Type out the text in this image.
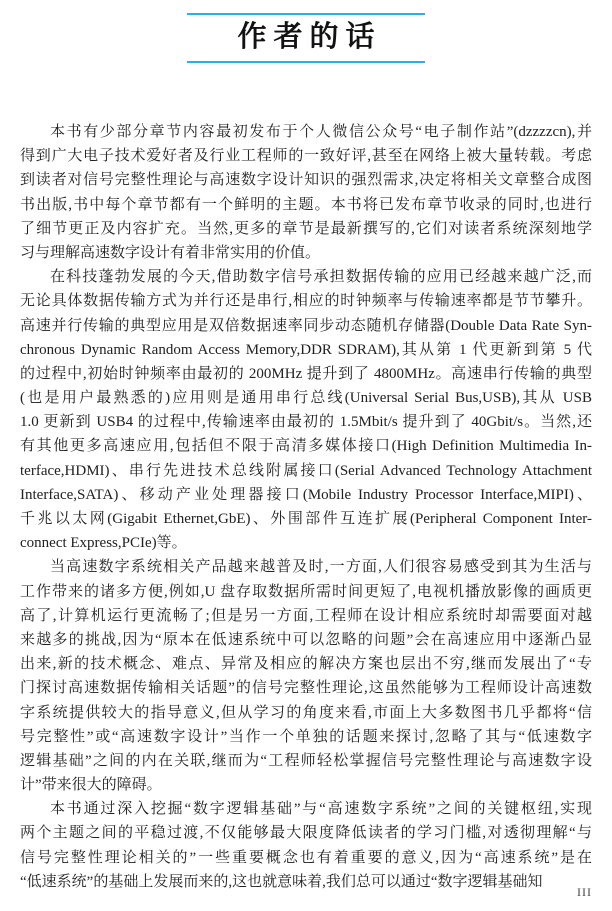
作者的话
本书有少部分章节内容最初发布于个人微信公众号“电子制作站”(dzzzzcn),并
得到广大电子技术爱好者及行业工程师的一致好评,甚至在网络上被大量转载。考虑
到读者对信号完整性理论与高速数字设计知识的强烈需求,决定将相关文章整合成图
书出版,书中每个章节都有一个鲜明的主题。本书将已发布章节收录的同时,也进行
了细节更正及内容扩充。当然,更多的章节是最新撰写的,它们对读者系统深刻地学
习与理解高速数字设计有着非常实用的价值。
在科技蓬勃发展的今天,借助数字信号承担数据传输的应用已经越来越广泛,而
无论具体数据传输方式为并行还是串行,相应的时钟频率与传输速率都是节节攀升。
高速并行传输的典型应用是双倍数据速率同步动态随机存储器(Double Data Rate Syn-
chronous Dynamic Random Access Memory,DDR SDRAM),其从第 1 代更新到第 5 代
的过程中,初始时钟频率由最初的 200MHz 提升到了 4800MHz。高速串行传输的典型
(也是用户最熟悉的)应用则是通用串行总线(Universal Serial Bus,USB),其从 USB
1.0 更新到 USB4 的过程中,传输速率由最初的 1.5Mbit/s 提升到了 40Gbit/s。当然,还
有其他更多高速应用,包括但不限于高清多媒体接口(High Definition Multimedia In-
terface,HDMI)、串行先进技术总线附属接口(Serial Advanced Technology Attachment
Interface,SATA)、移动产业处理器接口(Mobile Industry Processor Interface,MIPI)、
千兆以太网(Gigabit Ethernet,GbE)、外围部件互连扩展(Peripheral Component Inter-
connect Express,PCIe)等。
当高速数字系统相关产品越来越普及时,一方面,人们很容易感受到其为生活与
工作带来的诸多方便,例如,U 盘存取数据所需时间更短了,电视机播放影像的画质更
高了,计算机运行更流畅了;但是另一方面,工程师在设计相应系统时却需要面对越
来越多的挑战,因为“原本在低速系统中可以忽略的问题”会在高速应用中逐渐凸显
出来,新的技术概念、难点、异常及相应的解决方案也层出不穷,继而发展出了“专
门探讨高速数据传输相关话题”的信号完整性理论,这虽然能够为工程师设计高速数
字系统提供较大的指导意义,但从学习的角度来看,市面上大多数图书几乎都将“信
号完整性”或“高速数字设计”当作一个单独的话题来探讨,忽略了其与“低速数字
逻辑基础”之间的内在关联,继而为“工程师轻松掌握信号完整性理论与高速数字设
计”带来很大的障碍。
本书通过深入挖掘“数字逻辑基础”与“高速数字系统”之间的关键枢纽,实现
两个主题之间的平稳过渡,不仅能够最大限度降低读者的学习门槛,对透彻理解“与
信号完整性理论相关的”一些重要概念也有着重要的意义,因为“高速系统”是在
“低速系统”的基础上发展而来的,这也就意味着,我们总可以通过“数字逻辑基础知
III
